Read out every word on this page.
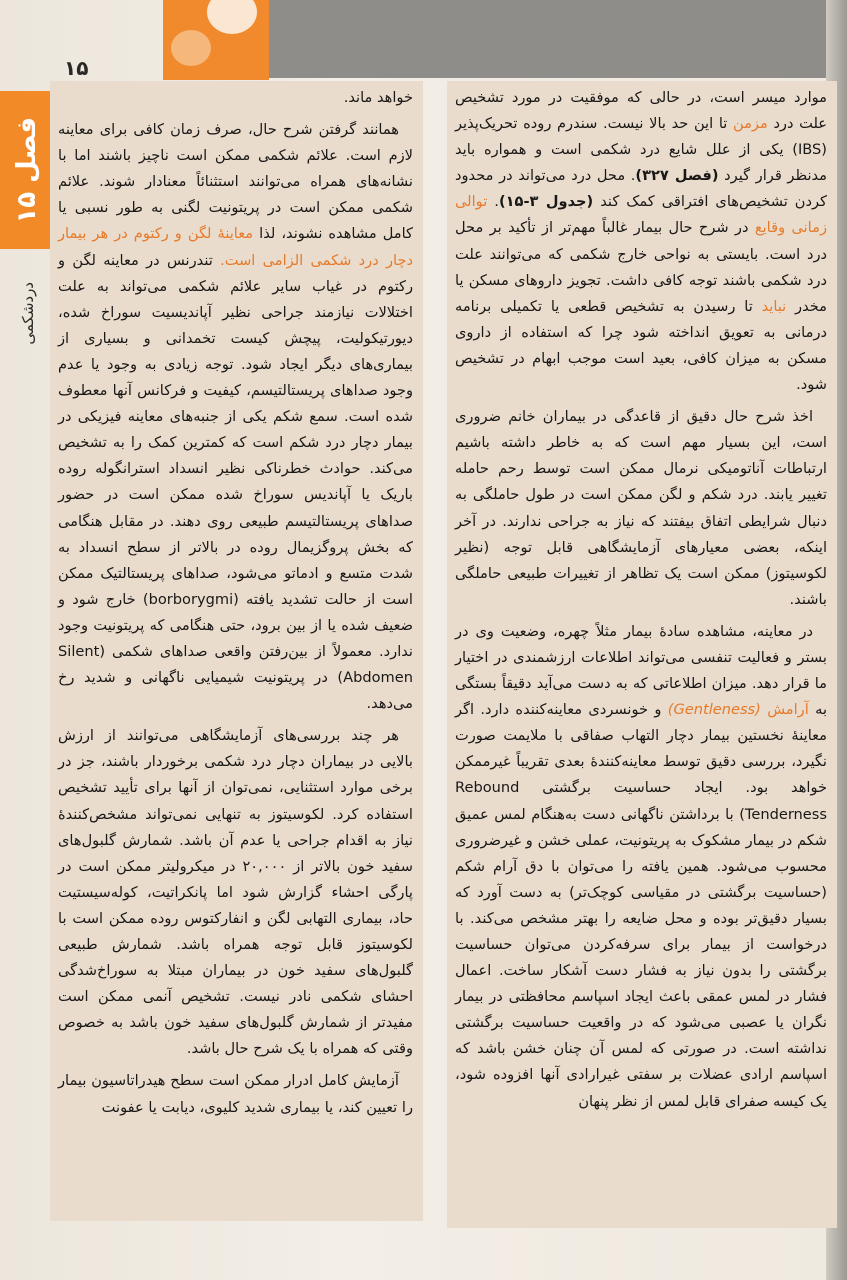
۱۵
فصل ۱۵
دردشکمی

موارد میسر است، در حالی که موفقیت در مورد تشخیص علت درد مزمن تا این حد بالا نیست. سندرم روده تحریک‌پذیر (IBS) یکی از علل شایع درد شکمی است و همواره باید مدنظر قرار گیرد (فصل ۳۲۷). محل درد می‌تواند در محدود کردن تشخیص‌های افتراقی کمک کند (جدول ۳-۱۵). توالی زمانی وقایع در شرح حال بیمار غالباً مهم‌تر از تأکید بر محل درد است. بایستی به نواحی خارج شکمی که می‌توانند علت درد شکمی باشند توجه کافی داشت. تجویز داروهای مسکن یا مخدر نباید تا رسیدن به تشخیص قطعی یا تکمیلی برنامه درمانی به تعویق انداخته شود چرا که استفاده از داروی مسکن به میزان کافی، بعید است موجب ابهام در تشخیص شود.

اخذ شرح حال دقیق از قاعدگی در بیماران خانم ضروری است، این بسیار مهم است که به خاطر داشته باشیم ارتباطات آناتومیکی نرمال ممکن است توسط رحم حامله تغییر یابند. درد شکم و لگن ممکن است در طول حاملگی به دنبال شرایطی اتفاق بیفتند که نیاز به جراحی ندارند. در آخر اینکه، بعضی معیارهای آزمایشگاهی قابل توجه (نظیر لکوسیتوز) ممکن است یک تظاهر از تغییرات طبیعی حاملگی باشند.

در معاینه، مشاهده سادهٔ بیمار مثلاً چهره، وضعیت وی در بستر و فعالیت تنفسی می‌تواند اطلاعات ارزشمندی در اختیار ما قرار دهد. میزان اطلاعاتی که به دست می‌آید دقیقاً بستگی به آرامش (Gentleness) و خونسردی معاینه‌کننده دارد. اگر معاینهٔ نخستین بیمار دچار التهاب صفاقی با ملایمت صورت نگیرد، بررسی دقیق توسط معاینه‌کنندهٔ بعدی تقریباً غیرممکن خواهد بود. ایجاد حساسیت برگشتی Rebound (Tenderness با برداشتن ناگهانی دست به‌هنگام لمس عمیق شکم در بیمار مشکوک به پریتونیت، عملی خشن و غیرضروری محسوب می‌شود. همین یافته را می‌توان با دق آرام شکم (حساسیت برگشتی در مقیاسی کوچک‌تر) به دست آورد که بسیار دقیق‌تر بوده و محل ضایعه را بهتر مشخص می‌کند. با درخواست از بیمار برای سرفه‌کردن می‌توان حساسیت برگشتی را بدون نیاز به فشار دست آشکار ساخت. اعمال فشار در لمس عمقی باعث ایجاد اسپاسم محافظتی در بیمار نگران یا عصبی می‌شود که در واقعیت حساسیت برگشتی نداشته است. در صورتی که لمس آن چنان خشن باشد که اسپاسم ارادی عضلات بر سفتی غیرارادی آنها افزوده شود، یک کیسه صفرای قابل لمس از نظر پنهان

خواهد ماند.

همانند گرفتن شرح حال، صرف زمان کافی برای معاینه لازم است. علائم شکمی ممکن است ناچیز باشند اما با نشانه‌های همراه می‌توانند استثنائاً معنادار شوند. علائم شکمی ممکن است در پریتونیت لگنی به طور نسبی یا کامل مشاهده نشوند، لذا معاینهٔ لگن و رکتوم در هر بیمار دچار درد شکمی الزامی است. تندرنس در معاینه لگن و رکتوم در غیاب سایر علائم شکمی می‌تواند به علت اختلالات نیازمند جراحی نظیر آپاندیسیت سوراخ شده، دیورتیکولیت، پیچش کیست تخمدانی و بسیاری از بیماری‌های دیگر ایجاد شود. توجه زیادی به وجود یا عدم وجود صداهای پریستالتیسم، کیفیت و فرکانس آنها معطوف شده است. سمع شکم یکی از جنبه‌های معاینه فیزیکی در بیمار دچار درد شکم است که کمترین کمک را به تشخیص می‌کند. حوادث خطرناکی نظیر انسداد استرانگوله روده باریک یا آپاندیس سوراخ شده ممکن است در حضور صداهای پریستالتیسم طبیعی روی دهند. در مقابل هنگامی که بخش پروگزیمال روده در بالاتر از سطح انسداد به شدت متسع و ادماتو می‌شود، صداهای پریستالتیک ممکن است از حالت تشدید یافته (borborygmi) خارج شود و ضعیف شده یا از بین برود، حتی هنگامی که پریتونیت وجود ندارد. معمولاً از بین‌رفتن واقعی صداهای شکمی (Silent Abdomen) در پریتونیت شیمیایی ناگهانی و شدید رخ می‌دهد.

هر چند بررسی‌های آزمایشگاهی می‌توانند از ارزش بالایی در بیماران دچار درد شکمی برخوردار باشند، جز در برخی موارد استثنایی، نمی‌توان از آنها برای تأیید تشخیص استفاده کرد. لکوسیتوز به تنهایی نمی‌تواند مشخص‌کنندهٔ نیاز به اقدام جراحی یا عدم آن باشد. شمارش گلبول‌های سفید خون بالاتر از ۲۰,۰۰۰ در میکرولیتر ممکن است در پارگی احشاء گزارش شود اما پانکراتیت، کوله‌سیستیت حاد، بیماری التهابی لگن و انفارکتوس روده ممکن است با لکوسیتوز قابل توجه همراه باشد. شمارش طبیعی گلبول‌های سفید خون در بیماران مبتلا به سوراخ‌شدگی احشای شکمی نادر نیست. تشخیص آنمی ممکن است مفیدتر از شمارش گلبول‌های سفید خون باشد به خصوص وقتی که همراه با یک شرح حال باشد.

آزمایش کامل ادرار ممکن است سطح هیدراتاسیون بیمار را تعیین کند، یا بیماری شدید کلیوی، دیابت یا عفونت
